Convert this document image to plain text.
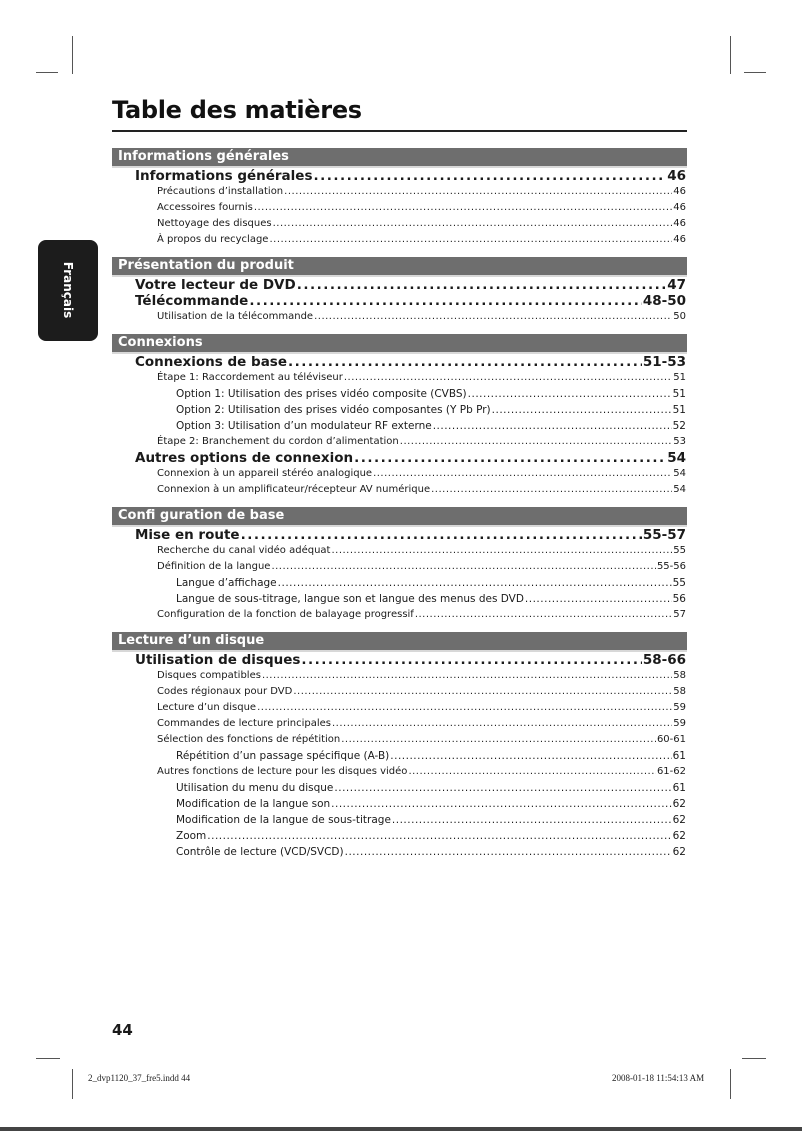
Table des matières
Français
Informations générales
Informations générales .....	46
Précautions d’installation .....	46
Accessoires fournis .....	46
Nettoyage des disques .....	46
À propos du recyclage .....	46
Présentation du produit
Votre lecteur de DVD .....	47
Télécommande .....	48-50
Utilisation de la télécommande .....	50
Connexions
Connexions de base .....	51-53
Étape 1: Raccordement au téléviseur .....	51
Option 1: Utilisation des prises vidéo composite (CVBS) .....	51
Option 2: Utilisation des prises vidéo composantes (Y Pb Pr) .....	51
Option 3: Utilisation d’un modulateur RF externe .....	52
Étape 2: Branchement du cordon d’alimentation .....	53
Autres options de connexion .....	54
Connexion à un appareil stéréo analogique .....	54
Connexion à un amplificateur/récepteur AV numérique .....	54
Confi guration de base
Mise en route .....	55-57
Recherche du canal vidéo adéquat .....	55
Définition de la langue .....	55-56
Langue d’affichage .....	55
Langue de sous-titrage, langue son et langue des menus des DVD .....	56
Configuration de la fonction de balayage progressif .....	57
Lecture d’un disque
Utilisation de disques .....	58-66
Disques compatibles .....	58
Codes régionaux pour DVD .....	58
Lecture d’un disque .....	59
Commandes de lecture principales .....	59
Sélection des fonctions de répétition .....	60-61
Répétition d’un passage spécifique (A-B) .....	61
Autres fonctions de lecture pour les disques vidéo .....	61-62
Utilisation du menu du disque .....	61
Modification de la langue son .....	62
Modification de la langue de sous-titrage .....	62
Zoom .....	62
Contrôle de lecture (VCD/SVCD) .....	62
44
2_dvp1120_37_fre5.indd 44	2008-01-18 11:54:13 AM
